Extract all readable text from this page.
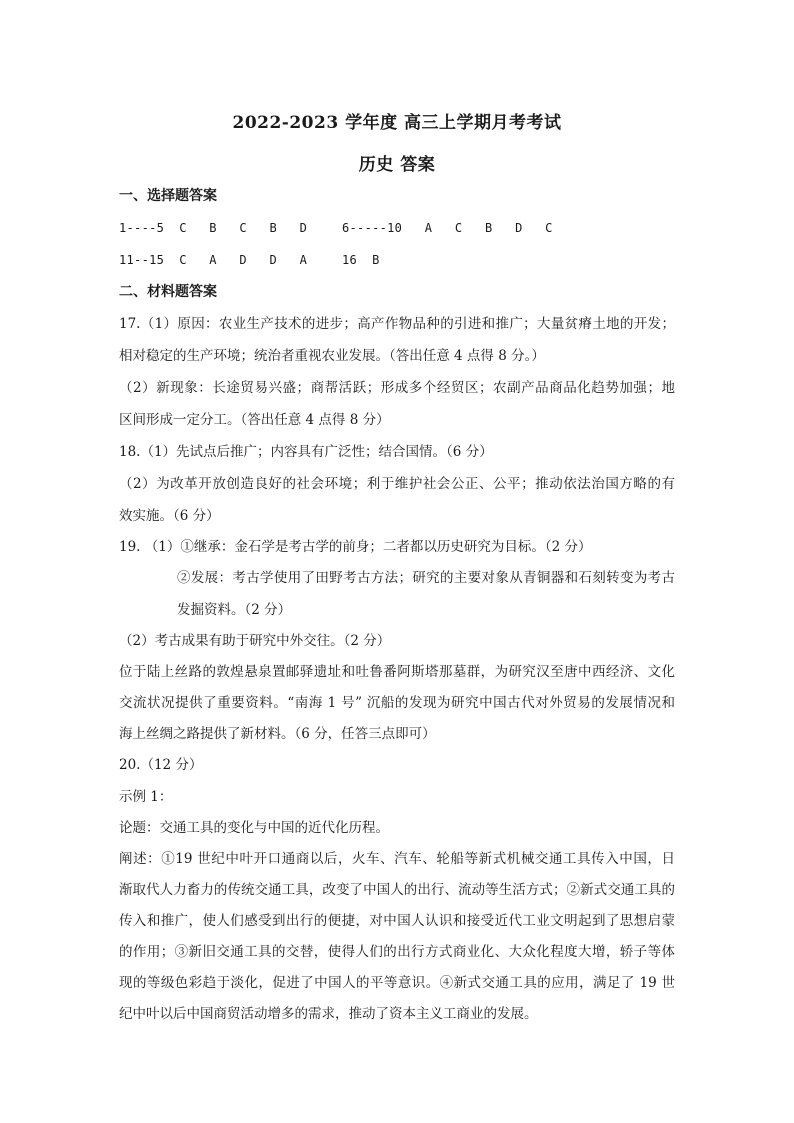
2022-2023 学年度 高三上学期月考考试
历史 答案
一、选择题答案
1----5  C   B   C   B   D	6-----10   A   C   B   D   C
11--15  C   A   D   D   A	16  B
二、材料题答案
17.（1）原因：农业生产技术的进步；高产作物品种的引进和推广；大量贫瘠土地的开发；
相对稳定的生产环境；统治者重视农业发展。（答出任意 4 点得 8 分。）
（2）新现象：长途贸易兴盛；商帮活跃；形成多个经贸区；农副产品商品化趋势加强；地
区间形成一定分工。（答出任意 4 点得 8 分）
18.（1）先试点后推广；内容具有广泛性；结合国情。（6 分）
（2）为改革开放创造良好的社会环境；利于维护社会公正、公平；推动依法治国方略的有
效实施。（6 分）
19. （1）①继承：金石学是考古学的前身；二者都以历史研究为目标。（2 分）
②发展：考古学使用了田野考古方法；研究的主要对象从青铜器和石刻转变为考古
发掘资料。（2 分）
（2）考古成果有助于研究中外交往。（2 分）
位于陆上丝路的敦煌悬泉置邮驿遗址和吐鲁番阿斯塔那墓群，为研究汉至唐中西经济、文化
交流状况提供了重要资料。“南海 1 号” 沉船的发现为研究中国古代对外贸易的发展情况和
海上丝绸之路提供了新材料。（6 分，任答三点即可）
20.（12 分）
示例 1：
论题：交通工具的变化与中国的近代化历程。
阐述：①19 世纪中叶开口通商以后，火车、汽车、轮船等新式机械交通工具传入中国，日
渐取代人力畜力的传统交通工具，改变了中国人的出行、流动等生活方式；②新式交通工具的
传入和推广，使人们感受到出行的便捷，对中国人认识和接受近代工业文明起到了思想启蒙
的作用；③新旧交通工具的交替，使得人们的出行方式商业化、大众化程度大增，轿子等体
现的等级色彩趋于淡化，促进了中国人的平等意识。④新式交通工具的应用，满足了 19 世
纪中叶以后中国商贸活动增多的需求，推动了资本主义工商业的发展。
